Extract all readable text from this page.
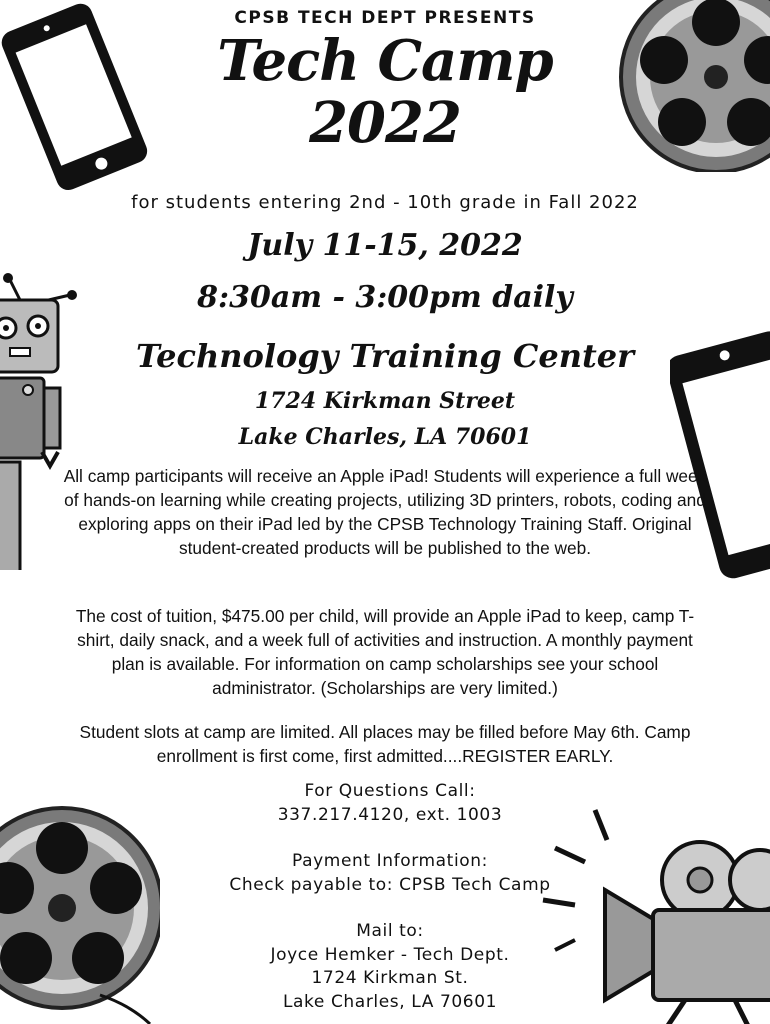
CPSB TECH DEPT PRESENTS
Tech Camp
2022
for students entering 2nd - 10th grade in Fall 2022
July 11-15, 2022
8:30am - 3:00pm daily
Technology Training Center
1724 Kirkman Street
Lake Charles, LA 70601
All camp participants will receive an Apple iPad! Students will experience a full week of hands-on learning while creating projects, utilizing 3D printers, robots, coding and exploring apps on their iPad led by the CPSB Technology Training Staff. Original student-created products will be published to the web.
The cost of tuition, $475.00 per child, will provide an Apple iPad to keep, camp T-shirt, daily snack, and a week full of activities and instruction. A monthly payment plan is available. For information on camp scholarships see your school administrator. (Scholarships are very limited.)
Student slots at camp are limited. All places may be filled before May 6th. Camp enrollment is first come, first admitted....REGISTER EARLY.
For Questions Call:
337.217.4120, ext. 1003
Payment Information:
Check payable to: CPSB Tech Camp
Mail to:
Joyce Hemker - Tech Dept.
1724 Kirkman St.
Lake Charles, LA 70601
